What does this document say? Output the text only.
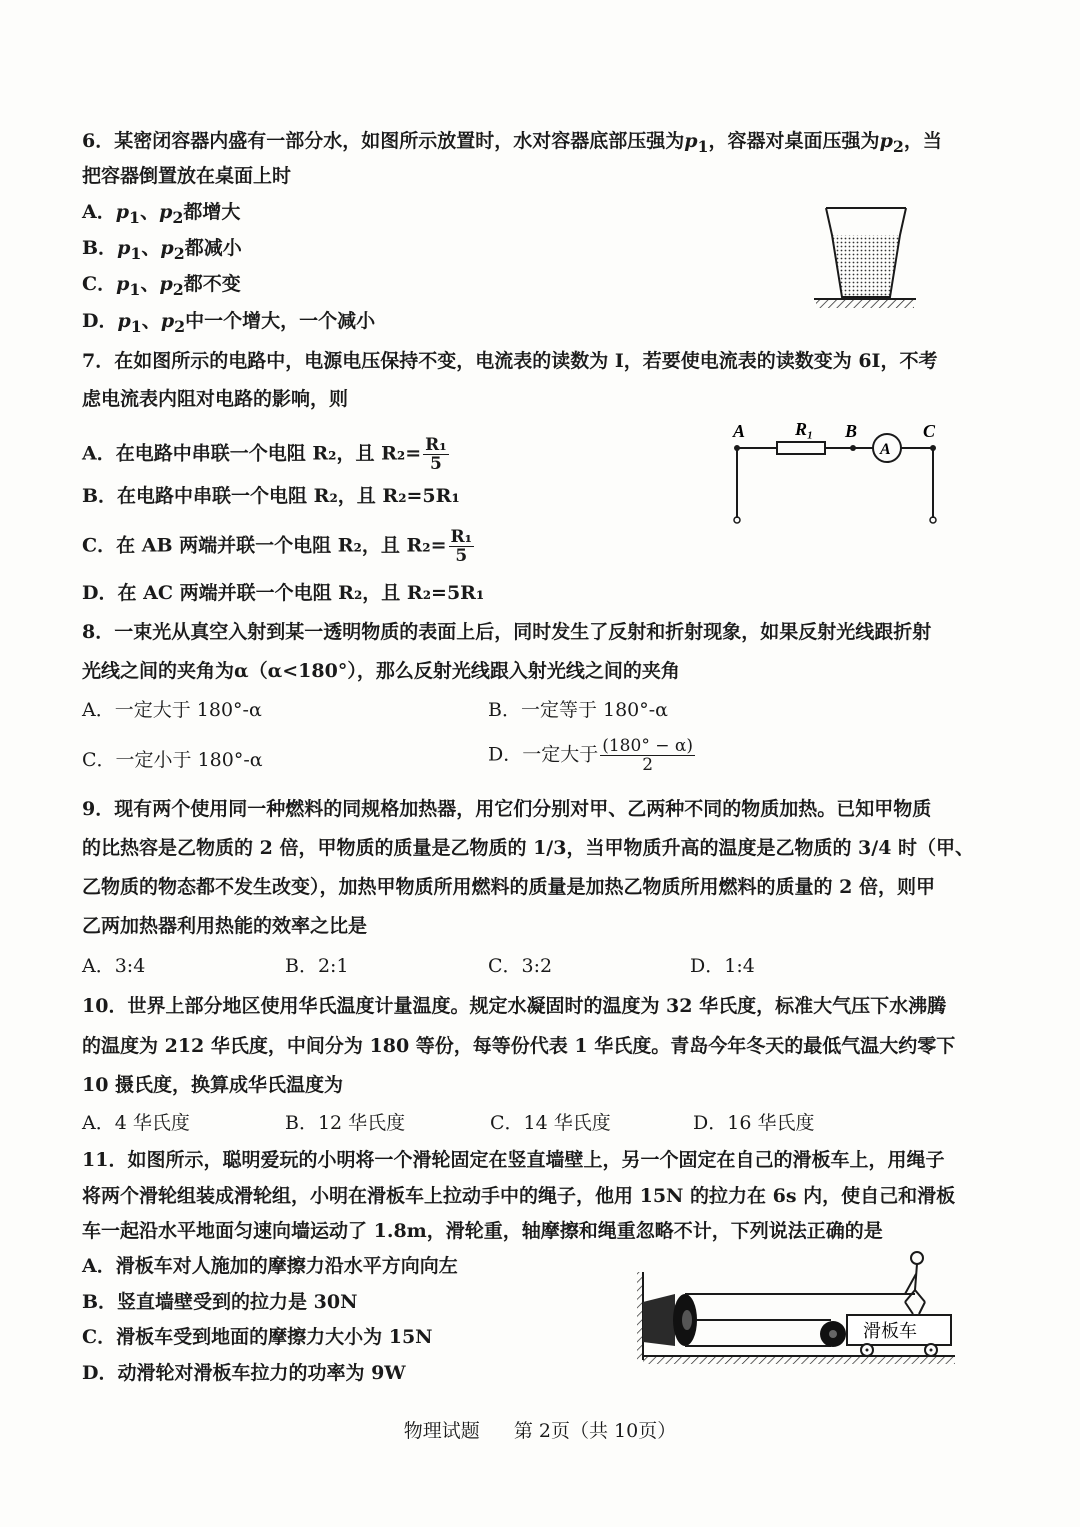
6．某密闭容器内盛有一部分水，如图所示放置时，水对容器底部压强为$p_1$，容器对桌面压强为$p_2$，当
把容器倒置放在桌面上时
A．$p_1$、$p_2$都增大
B．$p_1$、$p_2$都减小
C．$p_1$、$p_2$都不变
D．$p_1$、$p_2$中一个增大，一个减小
7．在如图所示的电路中，电源电压保持不变，电流表的读数为 I，若要使电流表的读数变为 6I，不考
虑电流表内阻对电路的影响，则
A．在电路中串联一个电阻 R₂，且 $R_2= \frac{\text{R₁}}{5}$
B．在电路中串联一个电阻 R₂，且 R₂=5R₁
C．在 AB 两端并联一个电阻 R₂，且 $R_2= \frac{\text{R₁}}{5}$
D．在 AC 两端并联一个电阻 R₂，且 R₂=5R₁
A	R₁ B	C
A
8．一束光从真空入射到某一透明物质的表面上后，同时发生了反射和折射现象，如果反射光线跟折射
光线之间的夹角为α（α<180°），那么反射光线跟入射光线之间的夹角
A．一定大于 180°-α	B．一定等于 180°-α
C．一定小于 180°-α	D．一定大于 $\frac{(180^\circ - \alpha)}{2}$
9．现有两个使用同一种燃料的同规格加热器，用它们分别对甲、乙两种不同的物质加热。已知甲物质
的比热容是乙物质的 2 倍，甲物质的质量是乙物质的 1/3，当甲物质升高的温度是乙物质的 3/4 时（甲、
乙物质的物态都不发生改变），加热甲物质所用燃料的质量是加热乙物质所用燃料的质量的 2 倍，则甲
乙两加热器利用热能的效率之比是
A．3:4	B．2:1	C．3:2	D．1:4
10．世界上部分地区使用华氏温度计量温度。规定水凝固时的温度为 32 华氏度，标准大气压下水沸腾
的温度为 212 华氏度，中间分为 180 等份，每等份代表 1 华氏度。青岛今年冬天的最低气温大约零下
10 摄氏度，换算成华氏温度为
A．4 华氏度	B．12 华氏度	C．14 华氏度	D．16 华氏度
11．如图所示，聪明爱玩的小明将一个滑轮固定在竖直墙壁上，另一个固定在自己的滑板车上，用绳子
将两个滑轮组装成滑轮组，小明在滑板车上拉动手中的绳子，他用 15N 的拉力在 6s 内，使自己和滑板
车一起沿水平地面匀速向墙运动了 1.8m，滑轮重，轴摩擦和绳重忽略不计，下列说法正确的是
A．滑板车对人施加的摩擦力沿水平方向向左
B．竖直墙壁受到的拉力是 30N
C．滑板车受到地面的摩擦力大小为 15N
D．动滑轮对滑板车拉力的功率为 9W
滑板车
物理试题 第 2页（共 10页）
